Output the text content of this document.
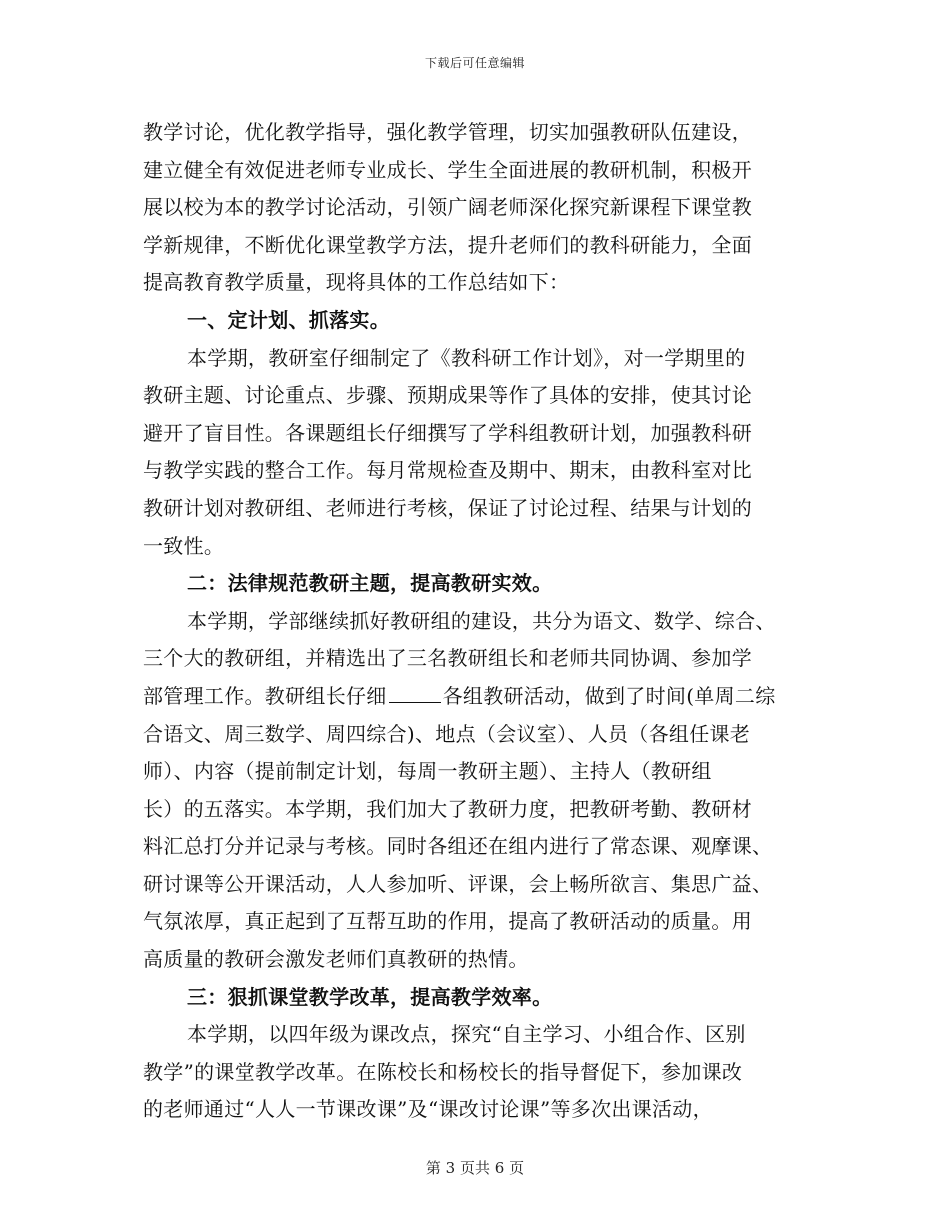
下载后可任意编辑
教学讨论，优化教学指导，强化教学管理，切实加强教研队伍建设，
建立健全有效促进老师专业成长、学生全面进展的教研机制，积极开
展以校为本的教学讨论活动，引领广阔老师深化探究新课程下课堂教
学新规律，不断优化课堂教学方法，提升老师们的教科研能力，全面
提高教育教学质量，现将具体的工作总结如下：
一、定计划、抓落实。
本学期，教研室仔细制定了《教科研工作计划》，对一学期里的
教研主题、讨论重点、步骤、预期成果等作了具体的安排，使其讨论
避开了盲目性。各课题组长仔细撰写了学科组教研计划，加强教科研
与教学实践的整合工作。每月常规检查及期中、期末，由教科室对比
教研计划对教研组、老师进行考核，保证了讨论过程、结果与计划的
一致性。
二：法律规范教研主题，提高教研实效。
本学期，学部继续抓好教研组的建设，共分为语文、数学、综合、
三个大的教研组，并精选出了三名教研组长和老师共同协调、参加学
部管理工作。教研组长仔细	各组教研活动，做到了时间(单周二综
合语文、周三数学、周四综合)、地点（会议室）、人员（各组任课老
师）、内容（提前制定计划，每周一教研主题）、主持人（教研组
长）的五落实。本学期，我们加大了教研力度，把教研考勤、教研材
料汇总打分并记录与考核。同时各组还在组内进行了常态课、观摩课、
研讨课等公开课活动，人人参加听、评课，会上畅所欲言、集思广益、
气氛浓厚，真正起到了互帮互助的作用，提高了教研活动的质量。用
高质量的教研会激发老师们真教研的热情。
三：狠抓课堂教学改革，提高教学效率。
本学期，以四年级为课改点，探究“自主学习、小组合作、区别
教学”的课堂教学改革。在陈校长和杨校长的指导督促下，参加课改
的老师通过“人人一节课改课”及“课改讨论课”等多次出课活动，
第 3 页共 6 页
